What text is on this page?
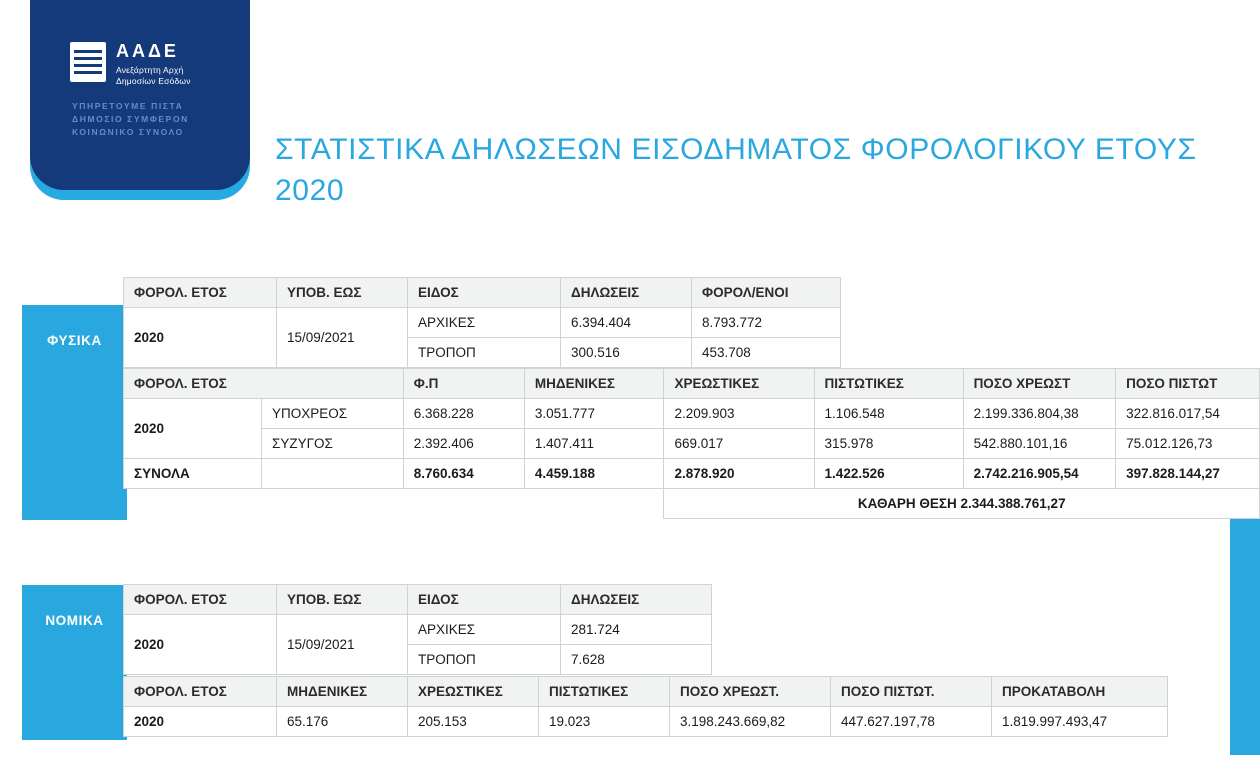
ΑΑΔΕ
Ανεξάρτητη Αρχή
Δημοσίων Εσόδων
ΥΠΗΡΕΤΟΥΜΕ ΠΙΣΤΑ
ΔΗΜΟΣΙΟ ΣΥΜΦΕΡΟΝ
ΚΟΙΝΩΝΙΚΟ ΣΥΝΟΛΟ
ΣΤΑΤΙΣΤΙΚΑ ΔΗΛΩΣΕΩΝ ΕΙΣΟΔΗΜΑΤΟΣ ΦΟΡΟΛΟΓΙΚΟΥ ΕΤΟΥΣ 2020
ΦΥΣΙΚΑ
ΝΟΜΙΚΑ
ΦΟΡΟΛ. ΕΤΟΣ	ΥΠΟΒ. ΕΩΣ	ΕΙΔΟΣ	ΔΗΛΩΣΕΙΣ	ΦΟΡΟΛ/ΕΝΟΙ
2020	15/09/2021	ΑΡΧΙΚΕΣ	6.394.404	8.793.772
		ΤΡΟΠΟΠ	300.516	453.708
ΦΟΡΟΛ. ΕΤΟΣ		Φ.Π	ΜΗΔΕΝΙΚΕΣ	ΧΡΕΩΣΤΙΚΕΣ	ΠΙΣΤΩΤΙΚΕΣ	ΠΟΣΟ ΧΡΕΩΣΤ	ΠΟΣΟ ΠΙΣΤΩΤ
2020	ΥΠΟΧΡΕΟΣ	6.368.228	3.051.777	2.209.903	1.106.548	2.199.336.804,38	322.816.017,54
	ΣΥΖΥΓΟΣ	2.392.406	1.407.411	669.017	315.978	542.880.101,16	75.012.126,73
ΣΥΝΟΛΑ		8.760.634	4.459.188	2.878.920	1.422.526	2.742.216.905,54	397.828.144,27
				ΚΑΘΑΡΗ ΘΕΣΗ 2.344.388.761,27			
ΦΟΡΟΛ. ΕΤΟΣ	ΥΠΟΒ. ΕΩΣ	ΕΙΔΟΣ	ΔΗΛΩΣΕΙΣ
2020	15/09/2021	ΑΡΧΙΚΕΣ	281.724
		ΤΡΟΠΟΠ	7.628
ΦΟΡΟΛ. ΕΤΟΣ	ΜΗΔΕΝΙΚΕΣ	ΧΡΕΩΣΤΙΚΕΣ	ΠΙΣΤΩΤΙΚΕΣ	ΠΟΣΟ ΧΡΕΩΣΤ.	ΠΟΣΟ ΠΙΣΤΩΤ.	ΠΡΟΚΑΤΑΒΟΛΗ
2020	65.176	205.153	19.023	3.198.243.669,82	447.627.197,78	1.819.997.493,47
